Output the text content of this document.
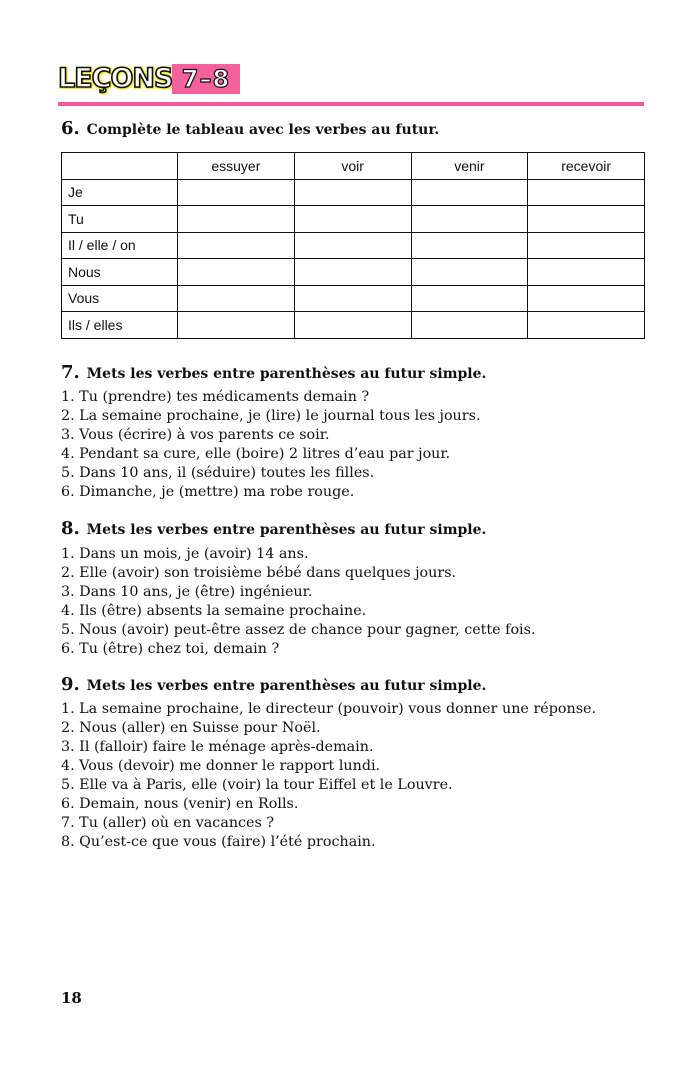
LEÇONS 7–8
6. Complète le tableau avec les verbes au futur.
	essuyer	voir	venir	recevoir
Je				
Tu				
Il / elle / on				
Nous				
Vous				
Ils / elles				
7. Mets les verbes entre parenthèses au futur simple.
1. Tu (prendre) tes médicaments demain ?
2. La semaine prochaine, je (lire) le journal tous les jours.
3. Vous (écrire) à vos parents ce soir.
4. Pendant sa cure, elle (boire) 2 litres d’eau par jour.
5. Dans 10 ans, il (séduire) toutes les filles.
6. Dimanche, je (mettre) ma robe rouge.
8. Mets les verbes entre parenthèses au futur simple.
1. Dans un mois, je (avoir) 14 ans.
2. Elle (avoir) son troisième bébé dans quelques jours.
3. Dans 10 ans, je (être) ingénieur.
4. Ils (être) absents la semaine prochaine.
5. Nous (avoir) peut-être assez de chance pour gagner, cette fois.
6. Tu (être) chez toi, demain ?
9. Mets les verbes entre parenthèses au futur simple.
1. La semaine prochaine, le directeur (pouvoir) vous donner une réponse.
2. Nous (aller) en Suisse pour Noël.
3. Il (falloir) faire le ménage après-demain.
4. Vous (devoir) me donner le rapport lundi.
5. Elle va à Paris, elle (voir) la tour Eiffel et le Louvre.
6. Demain, nous (venir) en Rolls.
7. Tu (aller) où en vacances ?
8. Qu’est-ce que vous (faire) l’été prochain.
18
